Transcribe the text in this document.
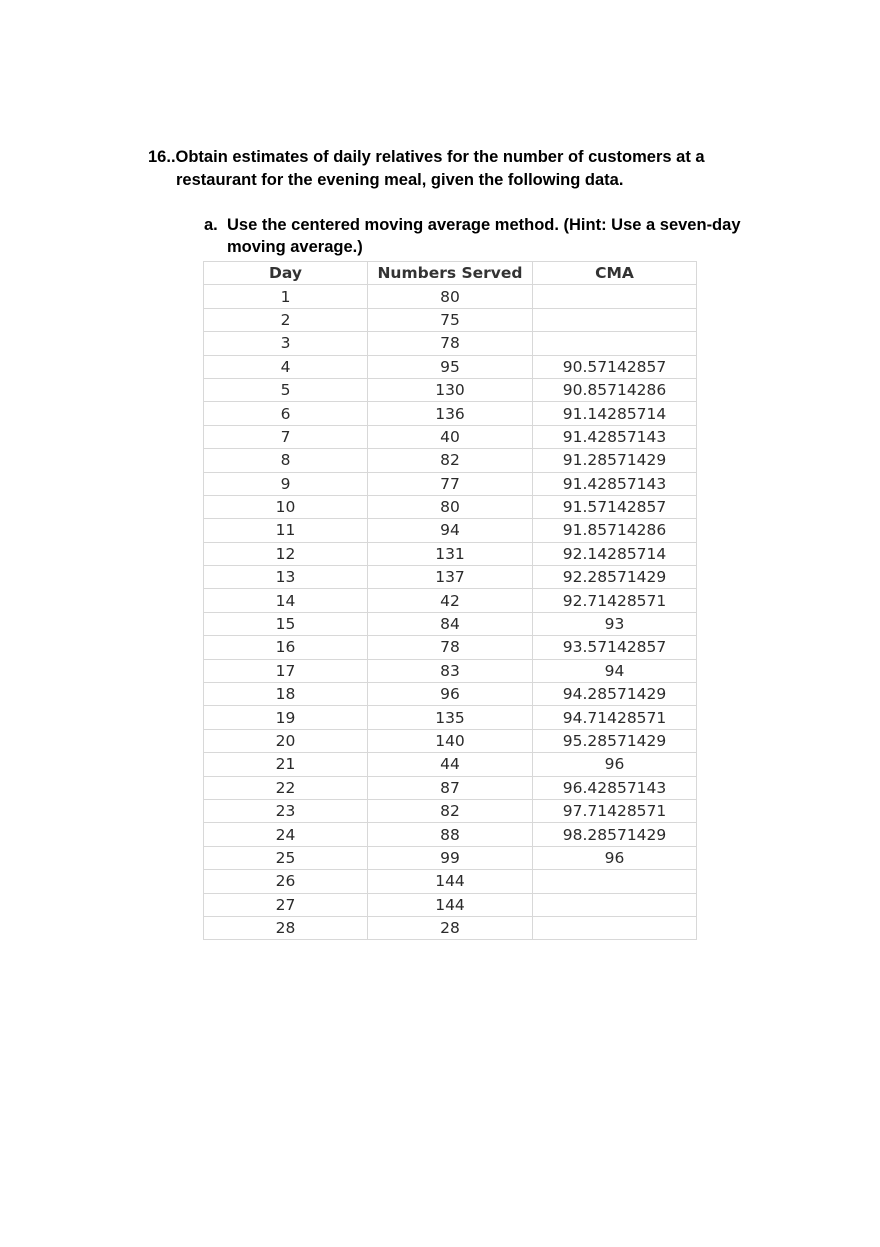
16..Obtain estimates of daily relatives for the number of customers at a
restaurant for the evening meal, given the following data.
a. Use the centered moving average method. (Hint: Use a seven-day
moving average.)
Day	Numbers Served	CMA
1	80	
2	75	
3	78	
4	95	90.57142857
5	130	90.85714286
6	136	91.14285714
7	40	91.42857143
8	82	91.28571429
9	77	91.42857143
10	80	91.57142857
11	94	91.85714286
12	131	92.14285714
13	137	92.28571429
14	42	92.71428571
15	84	93
16	78	93.57142857
17	83	94
18	96	94.28571429
19	135	94.71428571
20	140	95.28571429
21	44	96
22	87	96.42857143
23	82	97.71428571
24	88	98.28571429
25	99	96
26	144	
27	144	
28	28	
